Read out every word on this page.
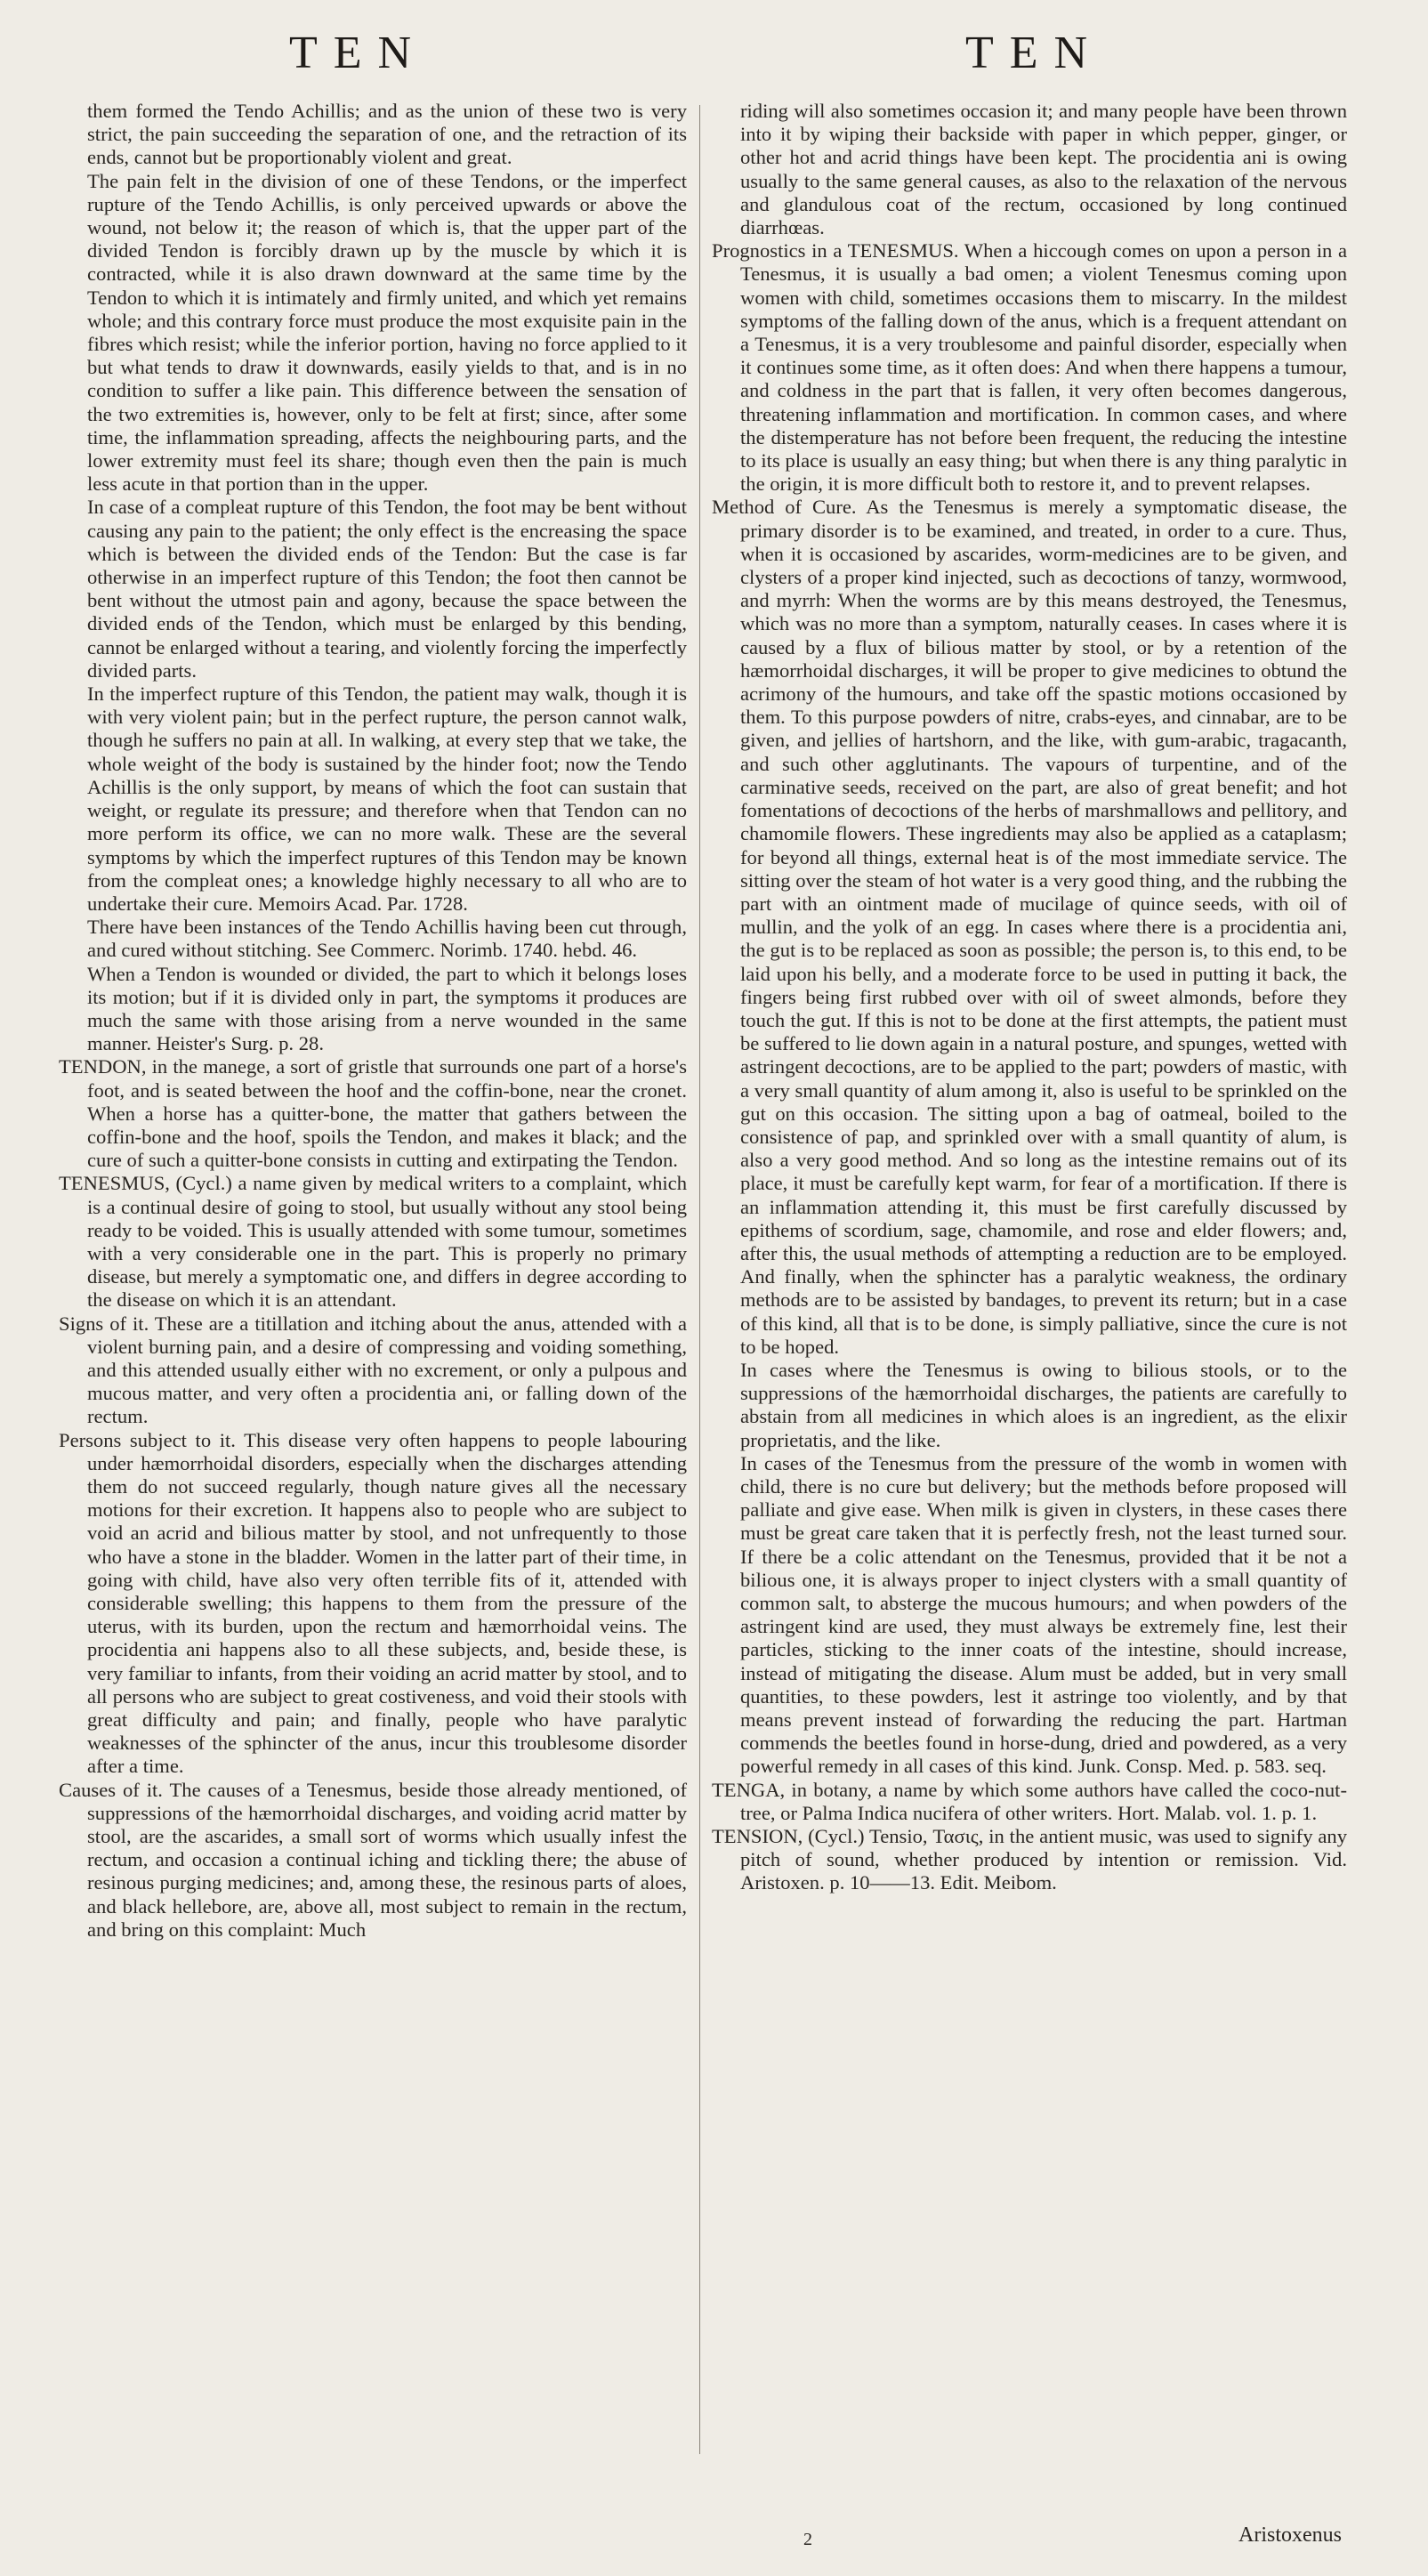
TEN	TEN

them formed the Tendo Achillis; and as the union of these two is very strict, the pain succeeding the separation of one, and the retraction of its ends, cannot but be proportionably violent and great.

The pain felt in the division of one of these Tendons, or the imperfect rupture of the Tendo Achillis, is only perceived upwards or above the wound, not below it; the reason of which is, that the upper part of the divided Tendon is forcibly drawn up by the muscle by which it is contracted, while it is also drawn downward at the same time by the Tendon to which it is intimately and firmly united, and which yet remains whole; and this contrary force must produce the most exquisite pain in the fibres which resist; while the inferior portion, having no force applied to it but what tends to draw it downwards, easily yields to that, and is in no condition to suffer a like pain. This difference between the sensation of the two extremities is, however, only to be felt at first; since, after some time, the inflammation spreading, affects the neighbouring parts, and the lower extremity must feel its share; though even then the pain is much less acute in that portion than in the upper.

In case of a compleat rupture of this Tendon, the foot may be bent without causing any pain to the patient; the only effect is the encreasing the space which is between the divided ends of the Tendon: But the case is far otherwise in an imperfect rupture of this Tendon; the foot then cannot be bent without the utmost pain and agony, because the space between the divided ends of the Tendon, which must be enlarged by this bending, cannot be enlarged without a tearing, and violently forcing the imperfectly divided parts.

In the imperfect rupture of this Tendon, the patient may walk, though it is with very violent pain; but in the perfect rupture, the person cannot walk, though he suffers no pain at all. In walking, at every step that we take, the whole weight of the body is sustained by the hinder foot; now the Tendo Achillis is the only support, by means of which the foot can sustain that weight, or regulate its pressure; and therefore when that Tendon can no more perform its office, we can no more walk. These are the several symptoms by which the imperfect ruptures of this Tendon may be known from the compleat ones; a knowledge highly necessary to all who are to undertake their cure. Memoirs Acad. Par. 1728.

There have been instances of the Tendo Achillis having been cut through, and cured without stitching. See Commerc. Norimb. 1740. hebd. 46.

When a Tendon is wounded or divided, the part to which it belongs loses its motion; but if it is divided only in part, the symptoms it produces are much the same with those arising from a nerve wounded in the same manner. Heister's Surg. p. 28.

TENDON, in the manege, a sort of gristle that surrounds one part of a horse's foot, and is seated between the hoof and the coffin-bone, near the cronet. When a horse has a quitter-bone, the matter that gathers between the coffin-bone and the hoof, spoils the Tendon, and makes it black; and the cure of such a quitter-bone consists in cutting and extirpating the Tendon.

TENESMUS, (Cycl.) a name given by medical writers to a complaint, which is a continual desire of going to stool, but usually without any stool being ready to be voided. This is usually attended with some tumour, sometimes with a very considerable one in the part. This is properly no primary disease, but merely a symptomatic one, and differs in degree according to the disease on which it is an attendant.

Signs of it. These are a titillation and itching about the anus, attended with a violent burning pain, and a desire of compressing and voiding something, and this attended usually either with no excrement, or only a pulpous and mucous matter, and very often a procidentia ani, or falling down of the rectum.

Persons subject to it. This disease very often happens to people labouring under hæmorrhoidal disorders, especially when the discharges attending them do not succeed regularly, though nature gives all the necessary motions for their excretion. It happens also to people who are subject to void an acrid and bilious matter by stool, and not unfrequently to those who have a stone in the bladder. Women in the latter part of their time, in going with child, have also very often terrible fits of it, attended with considerable swelling; this happens to them from the pressure of the uterus, with its burden, upon the rectum and hæmorrhoidal veins. The procidentia ani happens also to all these subjects, and, beside these, is very familiar to infants, from their voiding an acrid matter by stool, and to all persons who are subject to great costiveness, and void their stools with great difficulty and pain; and finally, people who have paralytic weaknesses of the sphincter of the anus, incur this troublesome disorder after a time.

Causes of it. The causes of a Tenesmus, beside those already mentioned, of suppressions of the hæmorrhoidal discharges, and voiding acrid matter by stool, are the ascarides, a small sort of worms which usually infest the rectum, and occasion a continual iching and tickling there; the abuse of resinous purging medicines; and, among these, the resinous parts of aloes, and black hellebore, are, above all, most subject to remain in the rectum, and bring on this complaint: Much

riding will also sometimes occasion it; and many people have been thrown into it by wiping their backside with paper in which pepper, ginger, or other hot and acrid things have been kept. The procidentia ani is owing usually to the same general causes, as also to the relaxation of the nervous and glandulous coat of the rectum, occasioned by long continued diarrhœas.

Prognostics in a TENESMUS. When a hiccough comes on upon a person in a Tenesmus, it is usually a bad omen; a violent Tenesmus coming upon women with child, sometimes occasions them to miscarry. In the mildest symptoms of the falling down of the anus, which is a frequent attendant on a Tenesmus, it is a very troublesome and painful disorder, especially when it continues some time, as it often does: And when there happens a tumour, and coldness in the part that is fallen, it very often becomes dangerous, threatening inflammation and mortification. In common cases, and where the distemperature has not before been frequent, the reducing the intestine to its place is usually an easy thing; but when there is any thing paralytic in the origin, it is more difficult both to restore it, and to prevent relapses.

Method of Cure. As the Tenesmus is merely a symptomatic disease, the primary disorder is to be examined, and treated, in order to a cure. Thus, when it is occasioned by ascarides, worm-medicines are to be given, and clysters of a proper kind injected, such as decoctions of tanzy, wormwood, and myrrh: When the worms are by this means destroyed, the Tenesmus, which was no more than a symptom, naturally ceases. In cases where it is caused by a flux of bilious matter by stool, or by a retention of the hæmorrhoidal discharges, it will be proper to give medicines to obtund the acrimony of the humours, and take off the spastic motions occasioned by them. To this purpose powders of nitre, crabs-eyes, and cinnabar, are to be given, and jellies of hartshorn, and the like, with gum-arabic, tragacanth, and such other agglutinants. The vapours of turpentine, and of the carminative seeds, received on the part, are also of great benefit; and hot fomentations of decoctions of the herbs of marshmallows and pellitory, and chamomile flowers. These ingredients may also be applied as a cataplasm; for beyond all things, external heat is of the most immediate service. The sitting over the steam of hot water is a very good thing, and the rubbing the part with an ointment made of mucilage of quince seeds, with oil of mullin, and the yolk of an egg. In cases where there is a procidentia ani, the gut is to be replaced as soon as possible; the person is, to this end, to be laid upon his belly, and a moderate force to be used in putting it back, the fingers being first rubbed over with oil of sweet almonds, before they touch the gut. If this is not to be done at the first attempts, the patient must be suffered to lie down again in a natural posture, and spunges, wetted with astringent decoctions, are to be applied to the part; powders of mastic, with a very small quantity of alum among it, also is useful to be sprinkled on the gut on this occasion. The sitting upon a bag of oatmeal, boiled to the consistence of pap, and sprinkled over with a small quantity of alum, is also a very good method. And so long as the intestine remains out of its place, it must be carefully kept warm, for fear of a mortification. If there is an inflammation attending it, this must be first carefully discussed by epithems of scordium, sage, chamomile, and rose and elder flowers; and, after this, the usual methods of attempting a reduction are to be employed. And finally, when the sphincter has a paralytic weakness, the ordinary methods are to be assisted by bandages, to prevent its return; but in a case of this kind, all that is to be done, is simply palliative, since the cure is not to be hoped.

In cases where the Tenesmus is owing to bilious stools, or to the suppressions of the hæmorrhoidal discharges, the patients are carefully to abstain from all medicines in which aloes is an ingredient, as the elixir proprietatis, and the like.

In cases of the Tenesmus from the pressure of the womb in women with child, there is no cure but delivery; but the methods before proposed will palliate and give ease. When milk is given in clysters, in these cases there must be great care taken that it is perfectly fresh, not the least turned sour. If there be a colic attendant on the Tenesmus, provided that it be not a bilious one, it is always proper to inject clysters with a small quantity of common salt, to absterge the mucous humours; and when powders of the astringent kind are used, they must always be extremely fine, lest their particles, sticking to the inner coats of the intestine, should increase, instead of mitigating the disease. Alum must be added, but in very small quantities, to these powders, lest it astringe too violently, and by that means prevent instead of forwarding the reducing the part. Hartman commends the beetles found in horse-dung, dried and powdered, as a very powerful remedy in all cases of this kind. Junk. Consp. Med. p. 583. seq.

TENGA, in botany, a name by which some authors have called the coco-nut-tree, or Palma Indica nucifera of other writers. Hort. Malab. vol. 1. p. 1.

TENSION, (Cycl.) Tensio, Τασις, in the antient music, was used to signify any pitch of sound, whether produced by intention or remission. Vid. Aristoxen. p. 10——13. Edit. Meibom.

2	Aristoxenus
